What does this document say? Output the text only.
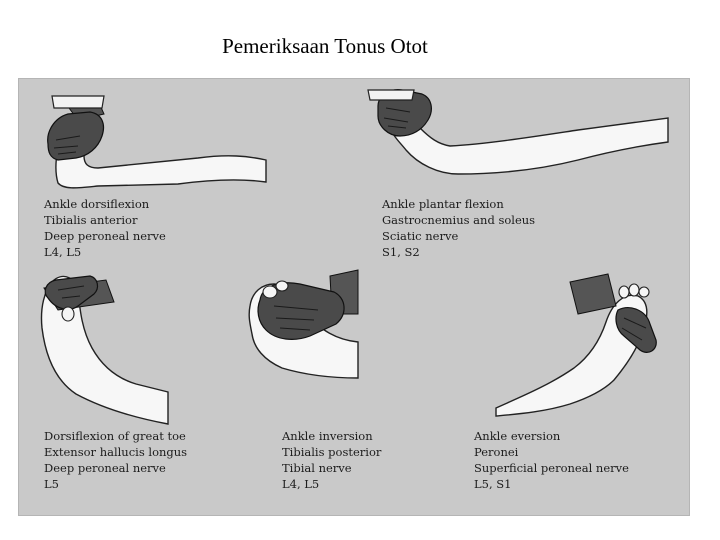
Pemeriksaan Tonus Otot
Ankle dorsiflexion
Tibialis anterior
Deep peroneal nerve
L4, L5
Ankle plantar flexion
Gastrocnemius and soleus
Sciatic nerve
S1, S2
Dorsiflexion of great toe
Extensor hallucis longus
Deep peroneal nerve
L5
Ankle inversion
Tibialis posterior
Tibial nerve
L4, L5
Ankle eversion
Peronei
Superficial peroneal nerve
L5, S1
